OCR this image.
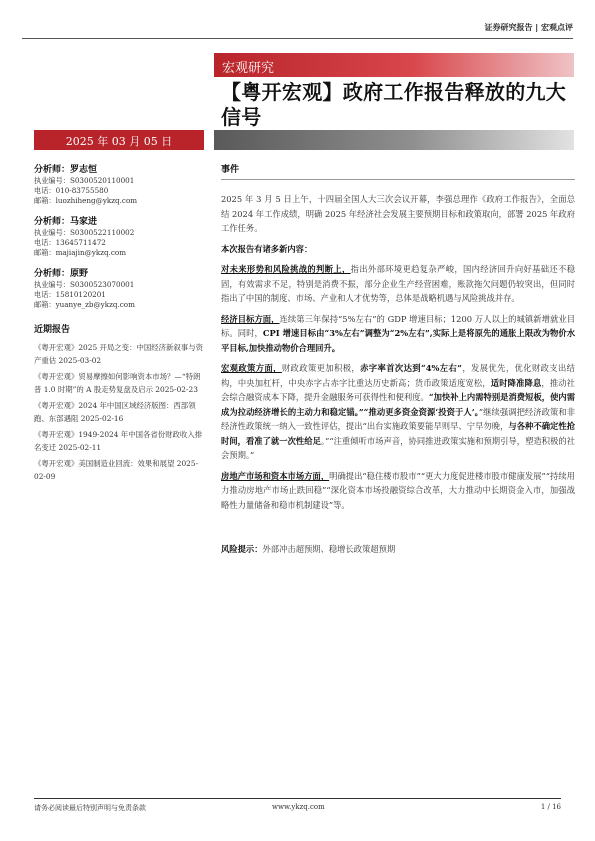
证券研究报告 | 宏观点评
宏观研究
【粤开宏观】政府工作报告释放的九大信号
2025 年 03 月 05 日
分析师：罗志恒
执业编号：S0300520110001
电话：010-83755580
邮箱：luozhiheng@ykzq.com
分析师：马家进
执业编号：S0300522110002
电话：13645711472
邮箱：majiajin@ykzq.com
分析师：原野
执业编号：S0300523070001
电话：15810120201
邮箱：yuanye_zb@ykzq.com
近期报告
《粤开宏观》2025 开局之变：中国经济新叙事与资产重估 2025-03-02
《粤开宏观》贸易摩擦如何影响资本市场？—“特朗普 1.0 时期”的 A 股走势复盘及启示 2025-02-23
《粤开宏观》2024 年中国区域经济版图：西部领跑、东部遇阻 2025-02-16
《粤开宏观》1949-2024 年中国各省份财政收入排名变迁 2025-02-11
《粤开宏观》美国制造业回流：效果和展望 2025-02-09
事件

2025 年 3 月 5 日上午，十四届全国人大三次会议开幕，李强总理作《政府工作报告》，全面总结 2024 年工作成绩，明确 2025 年经济社会发展主要预期目标和政策取向，部署 2025 年政府工作任务。

本次报告有诸多新内容：

对未来形势和风险挑战的判断上，指出外部环境更趋复杂严峻，国内经济回升向好基础还不稳固，有效需求不足，特别是消费不振，部分企业生产经营困难，账款拖欠问题仍较突出，但同时指出了中国的制度、市场、产业和人才优势等，总体是战略机遇与风险挑战并存。

经济目标方面，连续第三年保持“5%左右”的 GDP 增速目标；1200 万人以上的城镇新增就业目标。同时，CPI 增速目标由“3%左右”调整为“2%左右”,实际上是将原先的通胀上限改为物价水平目标,加快推动物价合理回升。

宏观政策方面，财政政策更加积极，赤字率首次达到“4%左右”，发展优先，优化财政支出结构，中央加杠杆，中央赤字占赤字比重达历史新高；货币政策适度宽松，适时降准降息，推动社会综合融资成本下降，提升金融服务可获得性和便利度。“加快补上内需特别是消费短板，使内需成为拉动经济增长的主动力和稳定锚。”“推动更多资金资源‘投资于人’。”继续强调把经济政策和非经济性政策统一纳入一致性评估，提出“出台实施政策要能早则早、宁早勿晚，与各种不确定性抢时间，看准了就一次性给足。”“注重倾听市场声音，协同推进政策实施和预期引导，塑造积极的社会预期。”

房地产市场和资本市场方面，明确提出“稳住楼市股市”“更大力度促进楼市股市健康发展”“持续用力推动房地产市场止跌回稳”“深化资本市场投融资综合改革，大力推动中长期资金入市，加强战略性力量储备和稳市机制建设”等。

风险提示：外部冲击超预期、稳增长政策超预期

请务必阅读最后特别声明与免责条款	www.ykzq.com	1 / 16
